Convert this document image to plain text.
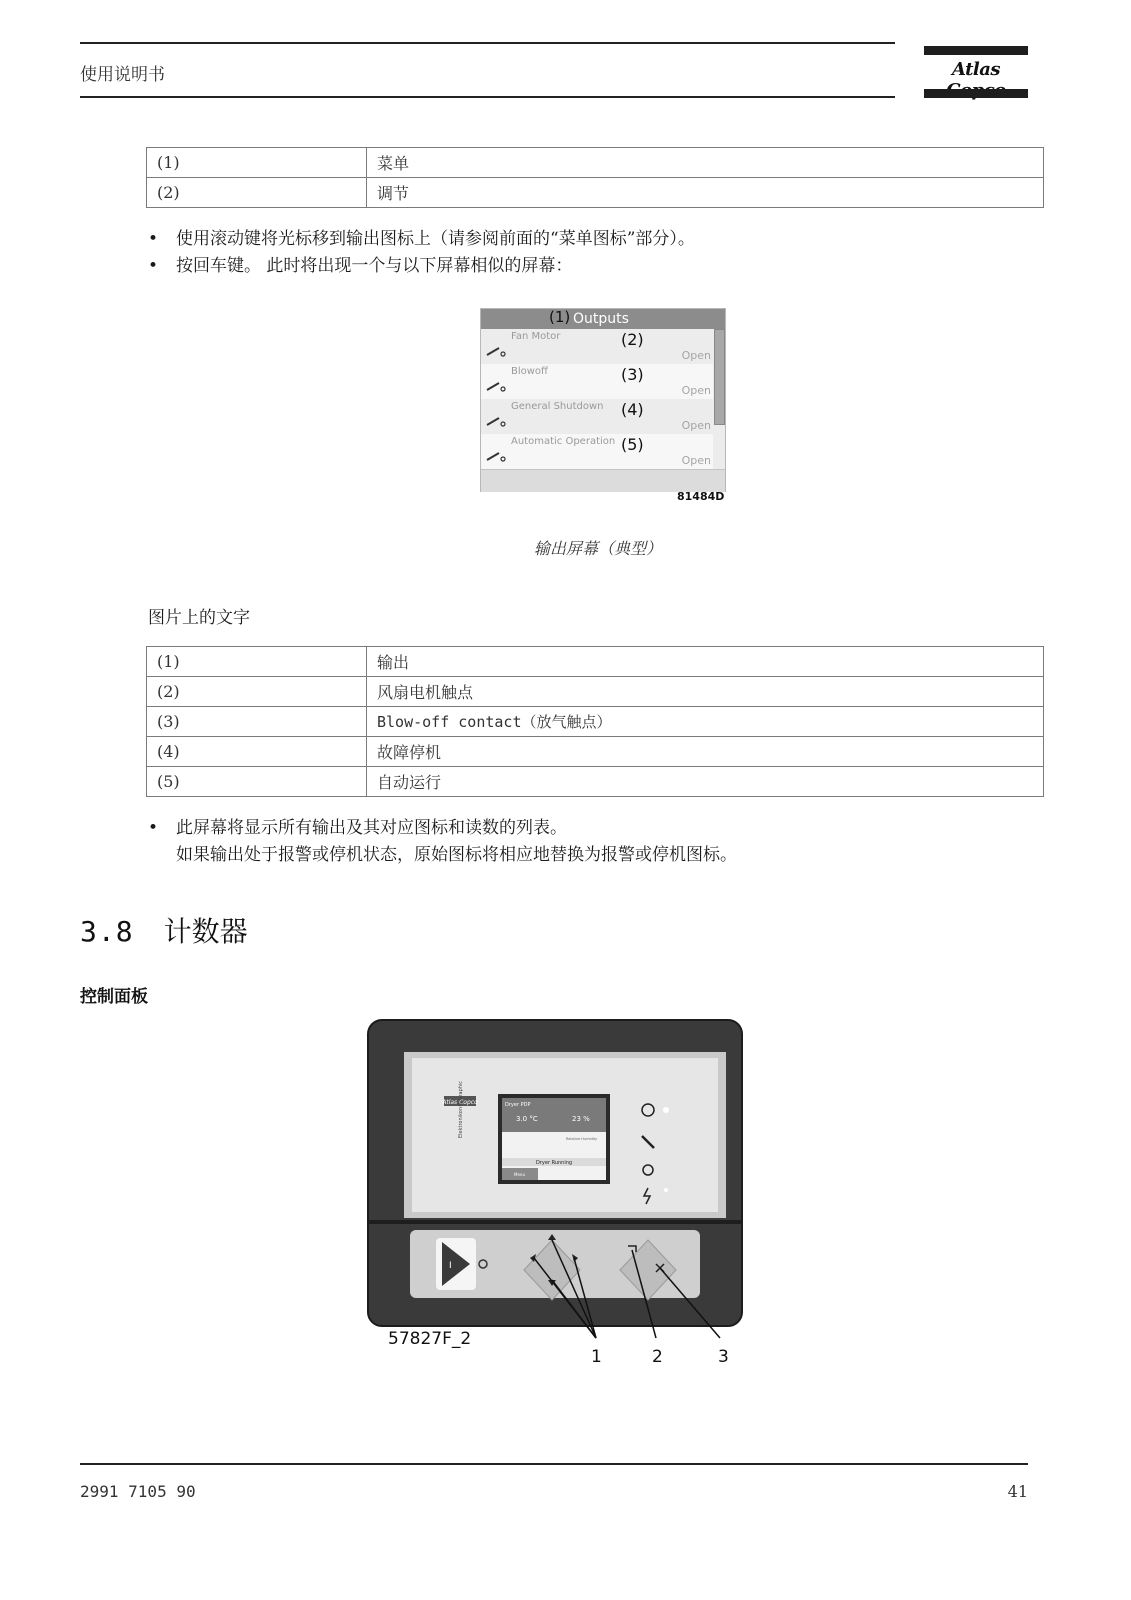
使用说明书	Atlas
(1)	菜单
(2)	调节
• 使用滚动键将光标移到输出图标上（请参阅前面的“菜单图标”部分）。
• 按回车键。 此时将出现一个与以下屏幕相似的屏幕：
(1) Outputs
Fan Motor	(2)
Open
Blowoff	(3)
Open
General Shutdown (4)
Open
Automatic Operation (5)
Open
81484D
输出屏幕（典型）
图片上的文字
(1)	输出
(2)	风扇电机触点
(3)	Blow-off contact（放气触点）
(4)	故障停机
(5)	自动运行
• 此屏幕将显示所有输出及其对应图标和读数的列表。
如果输出处于报警或停机状态，原始图标将相应地替换为报警或停机图标。
3.8 计数器
控制面板
Atlas Copco
Elektronikon® Graphic	Dryer PDP
3.0 °C	23 %
Relative Humidity
Dryer Running
Menu
I
57827F_2
1	2	3
2991 7105 90	41
